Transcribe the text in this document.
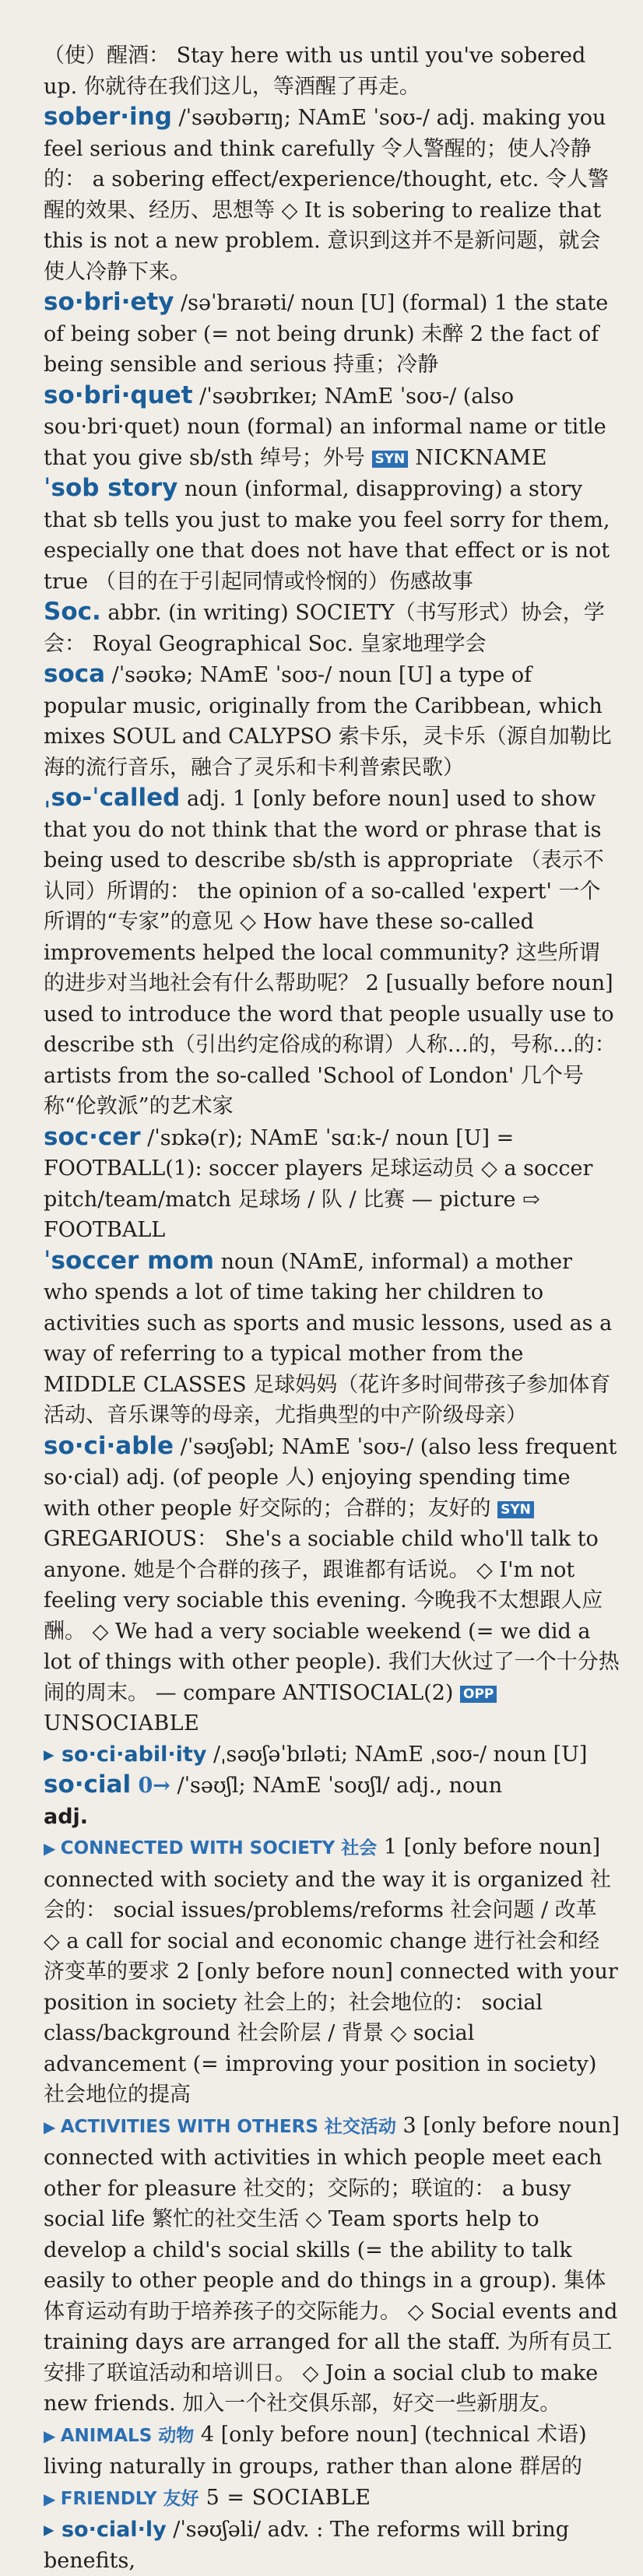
（使）醒酒： Stay here with us until you've sobered up. 你就待在我们这儿，等酒醒了再走。

sober·ing /ˈsəʊbərɪŋ; NAmE ˈsoʊ-/ adj. making you feel serious and think carefully 令人警醒的；使人冷静的： a sobering effect/experience/thought, etc. 令人警醒的效果、经历、思想等 ◇ It is sobering to realize that this is not a new problem. 意识到这并不是新问题，就会使人冷静下来。

so·bri·ety /səˈbraɪəti/ noun [U] (formal) 1 the state of being sober (= not being drunk) 未醉 2 the fact of being sensible and serious 持重；冷静

so·bri·quet /ˈsəʊbrɪkeɪ; NAmE ˈsoʊ-/ (also sou·bri·quet) noun (formal) an informal name or title that you give sb/sth 绰号；外号 SYN NICKNAME

ˈsob story noun (informal, disapproving) a story that sb tells you just to make you feel sorry for them, especially one that does not have that effect or is not true （目的在于引起同情或怜悯的）伤感故事

Soc. abbr. (in writing) SOCIETY（书写形式）协会，学会： Royal Geographical Soc. 皇家地理学会

soca /ˈsəʊkə; NAmE ˈsoʊ-/ noun [U] a type of popular music, originally from the Caribbean, which mixes SOUL and CALYPSO 索卡乐，灵卡乐（源自加勒比海的流行音乐，融合了灵乐和卡利普索民歌）

ˌso-ˈcalled adj. 1 [only before noun] used to show that you do not think that the word or phrase that is being used to describe sb/sth is appropriate （表示不认同）所谓的： the opinion of a so-called 'expert' 一个所谓的“专家”的意见 ◇ How have these so-called improvements helped the local community? 这些所谓的进步对当地社会有什么帮助呢？ 2 [usually before noun] used to introduce the word that people usually use to describe sth（引出约定俗成的称谓）人称…的，号称…的： artists from the so-called 'School of London' 几个号称“伦敦派”的艺术家

soc·cer /ˈsɒkə(r); NAmE ˈsɑːk-/ noun [U] = FOOTBALL(1): soccer players 足球运动员 ◇ a soccer pitch/team/match 足球场 / 队 / 比赛 — picture ⇨ FOOTBALL

ˈsoccer mom noun (NAmE, informal) a mother who spends a lot of time taking her children to activities such as sports and music lessons, used as a way of referring to a typical mother from the MIDDLE CLASSES 足球妈妈（花许多时间带孩子参加体育活动、音乐课等的母亲，尤指典型的中产阶级母亲）

so·ci·able /ˈsəʊʃəbl; NAmE ˈsoʊ-/ (also less frequent so·cial) adj. (of people 人) enjoying spending time with other people 好交际的；合群的；友好的 SYN GREGARIOUS： She's a sociable child who'll talk to anyone. 她是个合群的孩子，跟谁都有话说。 ◇ I'm not feeling very sociable this evening. 今晚我不太想跟人应酬。 ◇ We had a very sociable weekend (= we did a lot of things with other people). 我们大伙过了一个十分热闹的周末。 — compare ANTISOCIAL(2) OPP UNSOCIABLE

▸ so·ci·abil·ity /ˌsəʊʃəˈbɪləti; NAmE ˌsoʊ-/ noun [U]

so·cial 0→ /ˈsəʊʃl; NAmE ˈsoʊʃl/ adj., noun
adj.

▶ CONNECTED WITH SOCIETY 社会 1 [only before noun] connected with society and the way it is organized 社会的： social issues/problems/reforms 社会问题 / 改革 ◇ a call for social and economic change 进行社会和经济变革的要求 2 [only before noun] connected with your position in society 社会上的；社会地位的： social class/background 社会阶层 / 背景 ◇ social advancement (= improving your position in society) 社会地位的提高

▶ ACTIVITIES WITH OTHERS 社交活动 3 [only before noun] connected with activities in which people meet each other for pleasure 社交的；交际的；联谊的： a busy social life 繁忙的社交生活 ◇ Team sports help to develop a child's social skills (= the ability to talk easily to other people and do things in a group). 集体体育运动有助于培养孩子的交际能力。 ◇ Social events and training days are arranged for all the staff. 为所有员工安排了联谊活动和培训日。 ◇ Join a social club to make new friends. 加入一个社交俱乐部，好交一些新朋友。

▶ ANIMALS 动物 4 [only before noun] (technical 术语) living naturally in groups, rather than alone 群居的

▶ FRIENDLY 友好 5 = SOCIABLE

▸ so·cial·ly /ˈsəʊʃəli/ adv. : The reforms will bring benefits,
